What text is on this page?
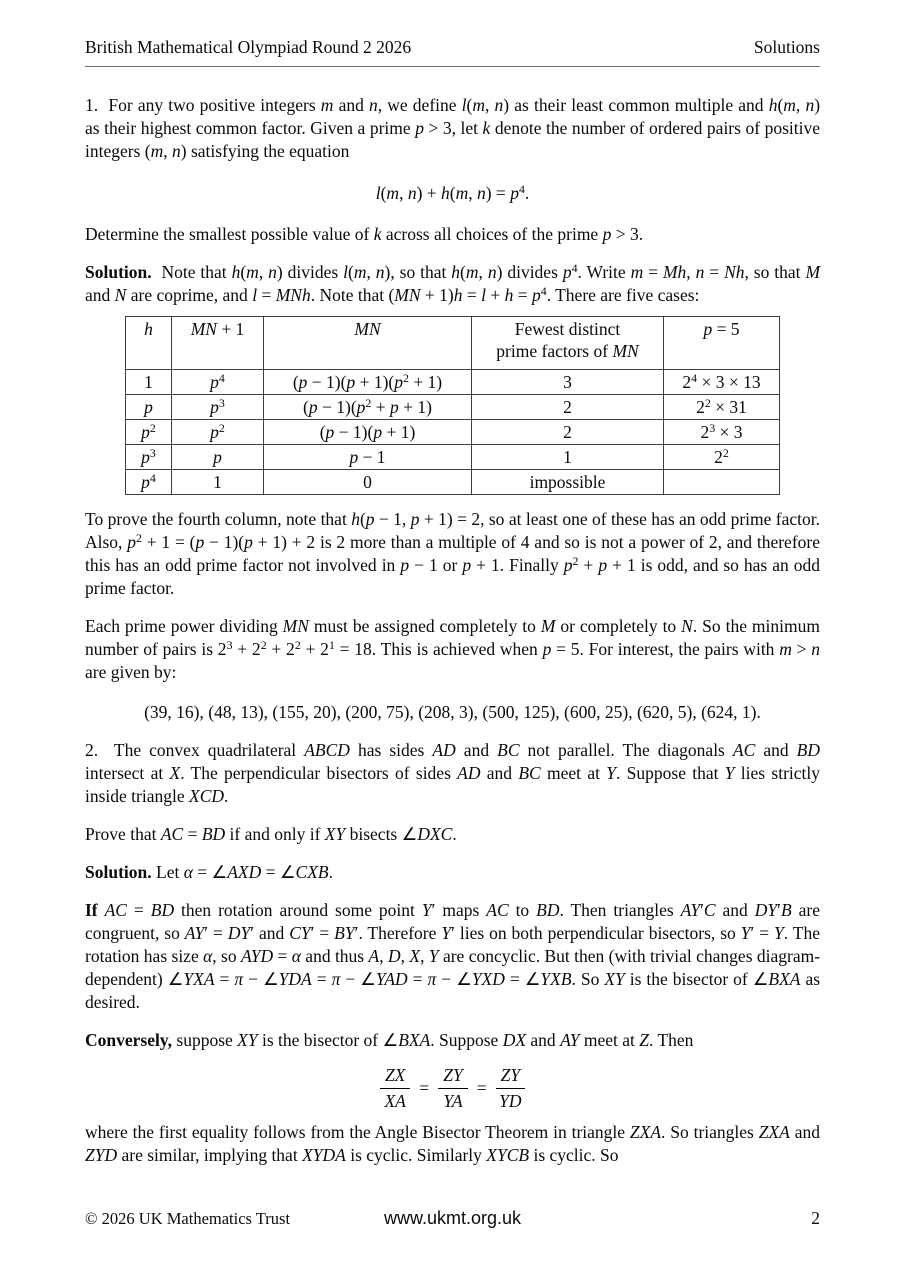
British Mathematical Olympiad Round 2 2026	Solutions

1.  For any two positive integers m and n, we define l(m, n) as their least common multiple and h(m, n) as their highest common factor. Given a prime p > 3, let k denote the number of ordered pairs of positive integers (m, n) satisfying the equation

l(m, n) + h(m, $n) = p^4$.

Determine the smallest possible value of k across all choices of the prime p > 3.

Solution.  Note that h(m, n) divides l(m, n), so that h(m, n) divides $p^4$. Write m = Mh, n = Nh, so that M and N are coprime, and l = MNh. Note that $(MN + 1)h = l + h = p^4$. There are five cases:

h	MN + 1	MN	Fewest distinct
prime factors of MN	p = 5
1	$p^4$	$(p - 1)(p + 1)(p^2 + 1)$	3	$2^4 \times 3 \times 13$
p	$p^3$	$(p - 1)(p^2 + p + 1)$	2	$2^2 \times 31$
$p^2$	$p^2$	(p − 1)(p + 1)	2	$2^3 \times 3$
$p^3$	p	p − 1	1	$2^2$
$p^4$	1	0	impossible	

To prove the fourth column, note that h(p − 1, p + 1) = 2, so at least one of these has an odd prime factor. Also, $p^2 + 1 = (p - 1)(p + 1) + 2$ is 2 more than a multiple of 4 and so is not a power of 2, and therefore this has an odd prime factor not involved in p − 1 or p + 1. Finally $p^2 + p + 1$ is odd, and so has an odd prime factor.

Each prime power dividing MN must be assigned completely to M or completely to N. So the minimum number of pairs is $2^3 + 2^2 + 2^2 + 2^1 = 18$. This is achieved when p = 5. For interest, the pairs with m > n are given by:

(39, 16), (48, 13), (155, 20), (200, 75), (208, 3), (500, 125), (600, 25), (620, 5), (624, 1).

2.  The convex quadrilateral ABCD has sides AD and BC not parallel. The diagonals AC and BD intersect at X. The perpendicular bisectors of sides AD and BC meet at Y. Suppose that Y lies strictly inside triangle XCD.

Prove that AC = BD if and only if XY bisects ∠DXC.

Solution. Let α = ∠AXD = ∠CXB.

If AC = BD then rotation around some point Y′ maps AC to BD. Then triangles AY′C and DY′B are congruent, so AY′ = DY′ and CY′ = BY′. Therefore Y′ lies on both perpendicular bisectors, so Y′ = Y. The rotation has size α, so AYD = α and thus A, D, X, Y are concyclic. But then (with trivial changes diagram-dependent) ∠YXA = π − ∠YDA = π − ∠YAD = π − ∠YXD = ∠YXB. So XY is the bisector of ∠BXA as desired.

Conversely, suppose XY is the bisector of ∠BXA. Suppose DX and AY meet at Z. Then

$\frac{ZX}{XA} = \frac{ZY}{YA} = \frac{ZY}{YD}$

where the first equality follows from the Angle Bisector Theorem in triangle ZXA. So triangles ZXA and ZYD are similar, implying that XYDA is cyclic. Similarly XYCB is cyclic. So

© 2026 UK Mathematics Trust	www.ukmt.org.uk	2
